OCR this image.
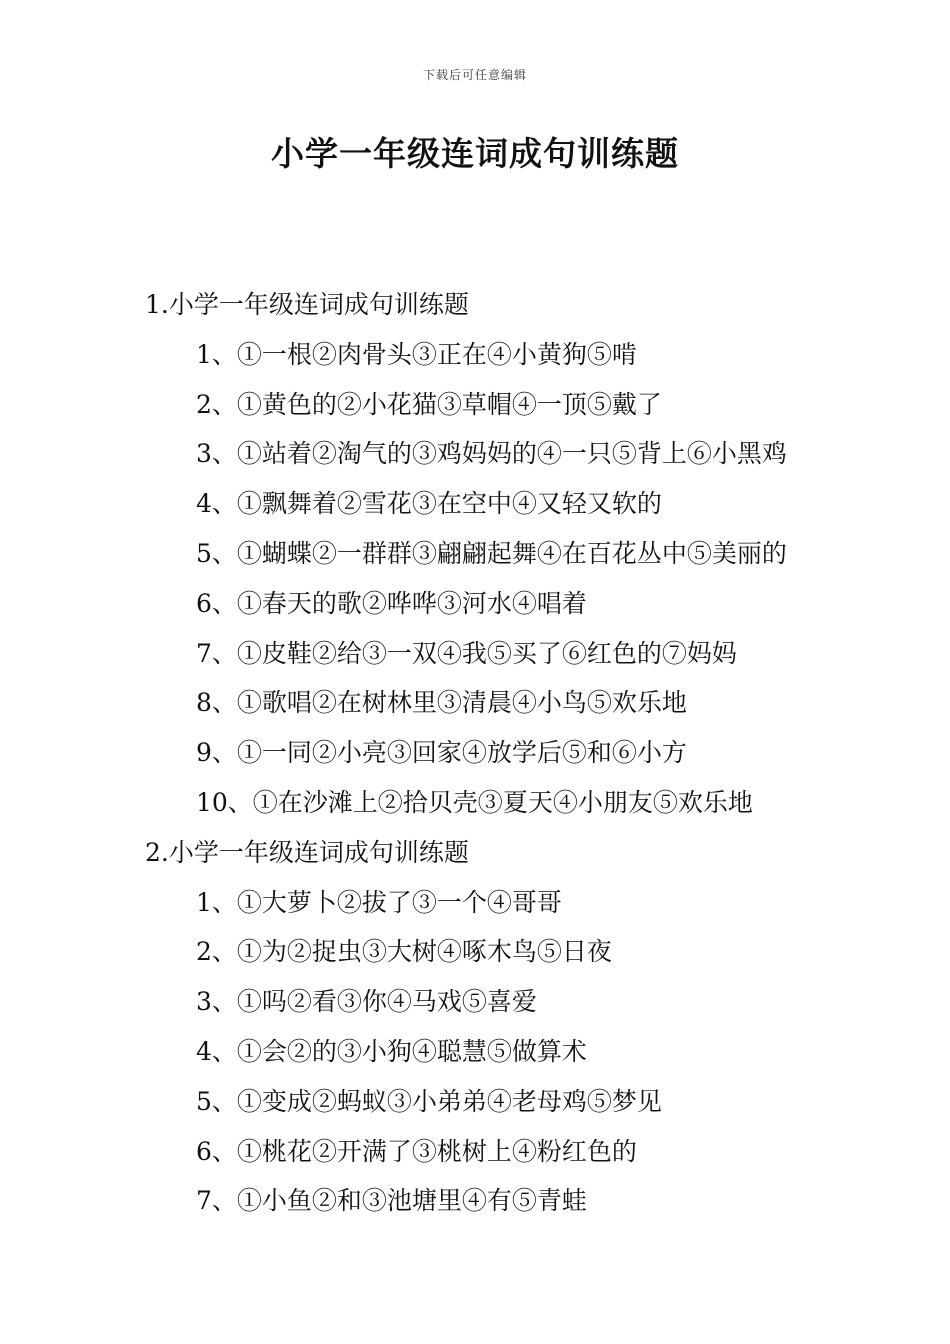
下载后可任意编辑
小学一年级连词成句训练题
1.小学一年级连词成句训练题
1、①一根②肉骨头③正在④小黄狗⑤啃
2、①黄色的②小花猫③草帽④一顶⑤戴了
3、①站着②淘气的③鸡妈妈的④一只⑤背上⑥小黑鸡
4、①飘舞着②雪花③在空中④又轻又软的
5、①蝴蝶②一群群③翩翩起舞④在百花丛中⑤美丽的
6、①春天的歌②哗哗③河水④唱着
7、①皮鞋②给③一双④我⑤买了⑥红色的⑦妈妈
8、①歌唱②在树林里③清晨④小鸟⑤欢乐地
9、①一同②小亮③回家④放学后⑤和⑥小方
10、①在沙滩上②拾贝壳③夏天④小朋友⑤欢乐地
2.小学一年级连词成句训练题
1、①大萝卜②拔了③一个④哥哥
2、①为②捉虫③大树④啄木鸟⑤日夜
3、①吗②看③你④马戏⑤喜爱
4、①会②的③小狗④聪慧⑤做算术
5、①变成②蚂蚁③小弟弟④老母鸡⑤梦见
6、①桃花②开满了③桃树上④粉红色的
7、①小鱼②和③池塘里④有⑤青蛙
